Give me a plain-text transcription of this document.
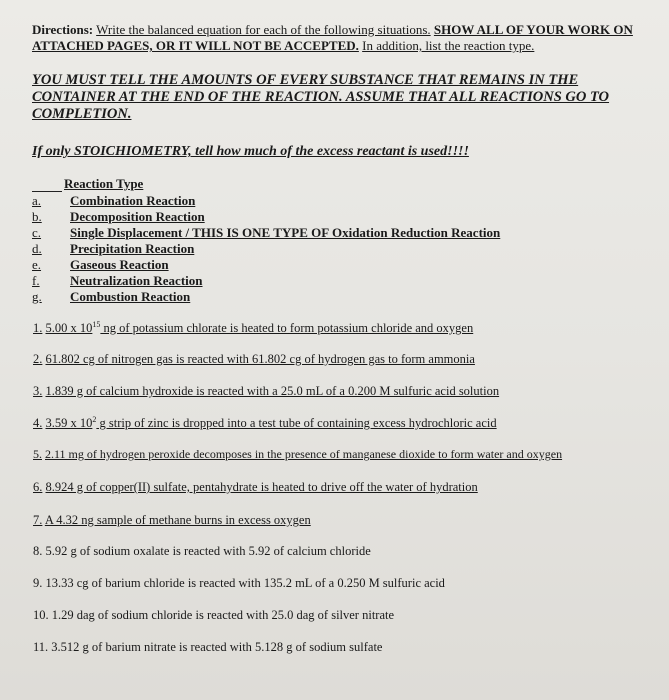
Directions: Write the balanced equation for each of the following situations. SHOW ALL OF YOUR WORK ON ATTACHED PAGES, OR IT WILL NOT BE ACCEPTED. In addition, list the reaction type.
YOU MUST TELL THE AMOUNTS OF EVERY SUBSTANCE THAT REMAINS IN THE CONTAINER AT THE END OF THE REACTION. ASSUME THAT ALL REACTIONS GO TO COMPLETION.
If only STOICHIOMETRY, tell how much of the excess reactant is used!!!!
Reaction Type
a.	Combination Reaction
b.	Decomposition Reaction
c.	Single Displacement / THIS IS ONE TYPE OF Oxidation Reduction Reaction
d.	Precipitation Reaction
e.	Gaseous Reaction
f.	Neutralization Reaction
g.	Combustion Reaction
1. 5.00 x $10^{15}$ ng of potassium chlorate is heated to form potassium chloride and oxygen
2. 61.802 cg of nitrogen gas is reacted with 61.802 cg of hydrogen gas to form ammonia
3. 1.839 g of calcium hydroxide is reacted with a 25.0 mL of a 0.200 M sulfuric acid solution
4. 3.59 x $10^2$ g strip of zinc is dropped into a test tube of containing excess hydrochloric acid
5. 2.11 mg of hydrogen peroxide decomposes in the presence of manganese dioxide to form water and oxygen
6. 8.924 g of copper(II) sulfate, pentahydrate is heated to drive off the water of hydration
7. A 4.32 ng sample of methane burns in excess oxygen
8. 5.92 g of sodium oxalate is reacted with 5.92 of calcium chloride
9. 13.33 cg of barium chloride is reacted with 135.2 mL of a 0.250 M sulfuric acid
10. 1.29 dag of sodium chloride is reacted with 25.0 dag of silver nitrate
11. 3.512 g of barium nitrate is reacted with 5.128 g of sodium sulfate
